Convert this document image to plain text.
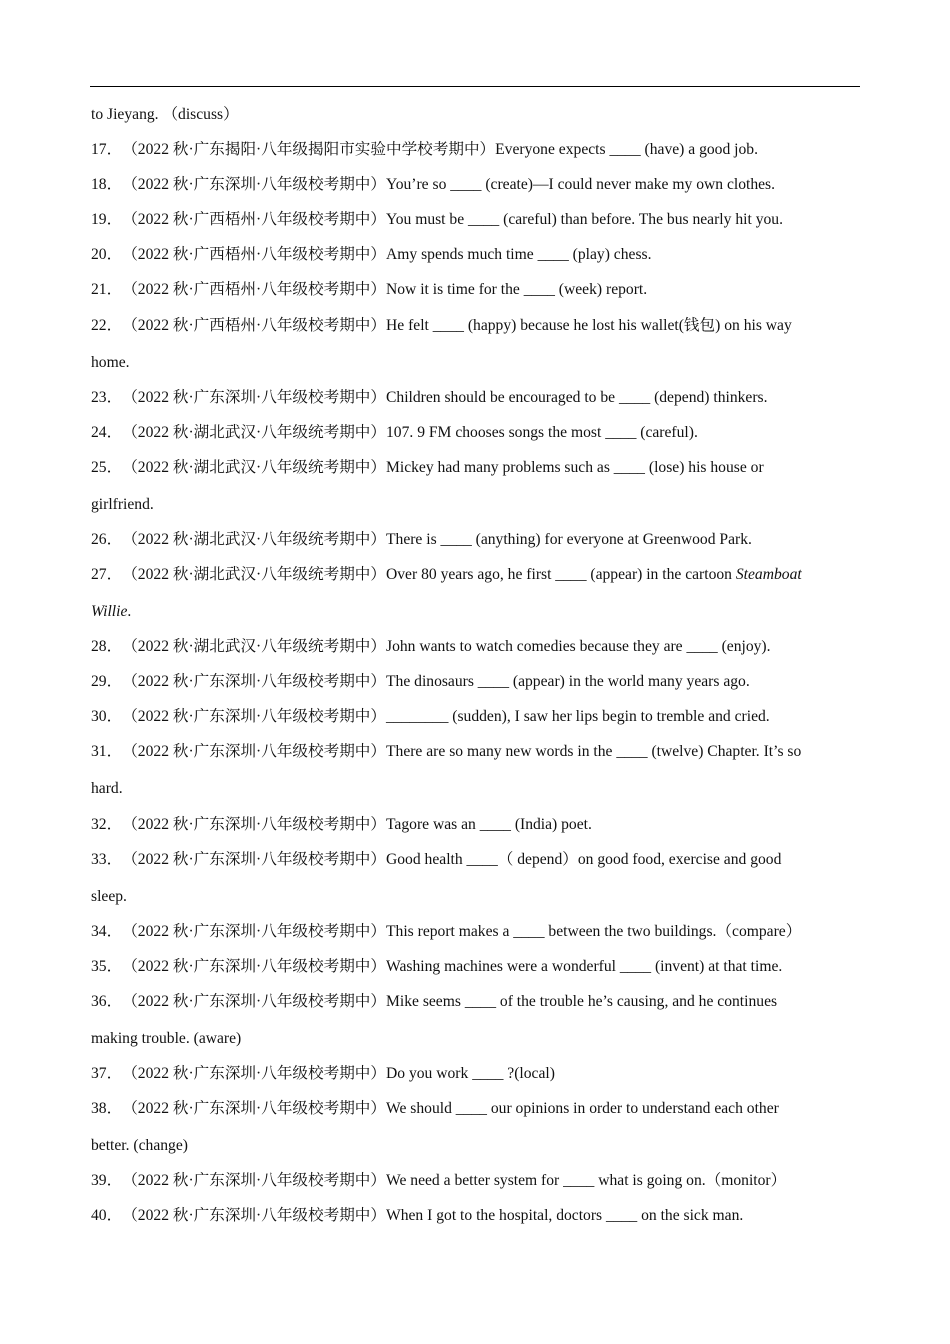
to Jieyang. （discuss）
17．（2022 秋·广东揭阳·八年级揭阳市实验中学校考期中）Everyone expects ____ (have) a good job.
18．（2022 秋·广东深圳·八年级校考期中）You’re so ____ (create)—I could never make my own clothes.
19．（2022 秋·广西梧州·八年级校考期中）You must be ____ (careful) than before. The bus nearly hit you.
20．（2022 秋·广西梧州·八年级校考期中）Amy spends much time ____ (play) chess.
21．（2022 秋·广西梧州·八年级校考期中）Now it is time for the ____ (week) report.
22．（2022 秋·广西梧州·八年级校考期中）He felt ____ (happy) because he lost his wallet(钱包) on his way
home.
23．（2022 秋·广东深圳·八年级校考期中）Children should be encouraged to be ____ (depend) thinkers.
24．（2022 秋·湖北武汉·八年级统考期中）107. 9 FM chooses songs the most ____ (careful).
25．（2022 秋·湖北武汉·八年级统考期中）Mickey had many problems such as ____ (lose) his house or
girlfriend.
26．（2022 秋·湖北武汉·八年级统考期中）There is ____ (anything) for everyone at Greenwood Park.
27．（2022 秋·湖北武汉·八年级统考期中）Over 80 years ago, he first ____ (appear) in the cartoon Steamboat
Willie.
28．（2022 秋·湖北武汉·八年级统考期中）John wants to watch comedies because they are ____ (enjoy).
29．（2022 秋·广东深圳·八年级校考期中）The dinosaurs ____ (appear) in the world many years ago.
30．（2022 秋·广东深圳·八年级校考期中）________ (sudden), I saw her lips begin to tremble and cried.
31．（2022 秋·广东深圳·八年级校考期中）There are so many new words in the ____ (twelve) Chapter. It’s so
hard.
32．（2022 秋·广东深圳·八年级校考期中）Tagore was an ____ (India) poet.
33．（2022 秋·广东深圳·八年级校考期中）Good health ____（ depend）on good food, exercise and good
sleep.
34．（2022 秋·广东深圳·八年级校考期中）This report makes a ____ between the two buildings.（compare）
35．（2022 秋·广东深圳·八年级校考期中）Washing machines were a wonderful ____ (invent) at that time.
36．（2022 秋·广东深圳·八年级校考期中）Mike seems ____ of the trouble he’s causing, and he continues
making trouble. (aware)
37．（2022 秋·广东深圳·八年级校考期中）Do you work ____ ?(local)
38．（2022 秋·广东深圳·八年级校考期中）We should ____ our opinions in order to understand each other
better. (change)
39．（2022 秋·广东深圳·八年级校考期中）We need a better system for ____ what is going on.（monitor）
40．（2022 秋·广东深圳·八年级校考期中）When I got to the hospital, doctors ____ on the sick man.
